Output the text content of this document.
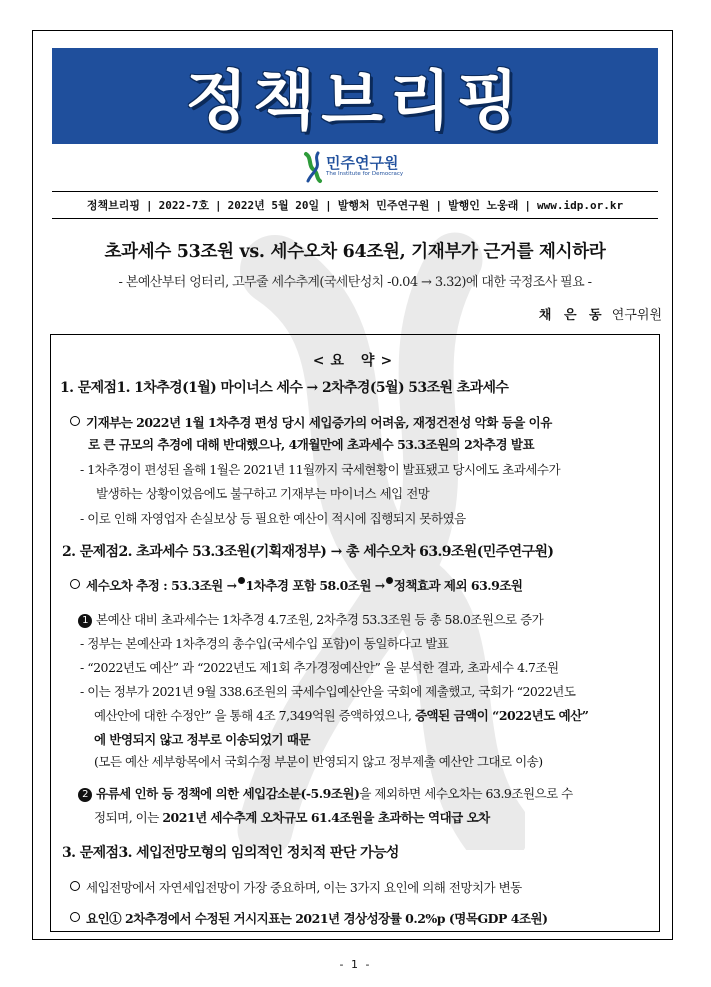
정책브리핑
민주연구원
The Institute for Democracy
정책브리핑 | 2022-7호 | 2022년 5월 20일 | 발행처 민주연구원 | 발행인 노웅래 | www.idp.or.kr
초과세수 53조원 vs. 세수오차 64조원, 기재부가 근거를 제시하라
- 본예산부터 엉터리, 고무줄 세수추계(국세탄성치 -0.04 → 3.32)에 대한 국정조사 필요 -
채 은 동 연구위원
<요 약>
1. 문제점1. 1차추경(1월) 마이너스 세수 → 2차추경(5월) 53조원 초과세수
기재부는 2022년 1월 1차추경 편성 당시 세입증가의 어려움, 재정건전성 악화 등을 이유
로 큰 규모의 추경에 대해 반대했으나, 4개월만에 초과세수 53.3조원의 2차추경 발표
- 1차추경이 편성된 올해 1월은 2021년 11월까지 국세현황이 발표됐고 당시에도 초과세수가
발생하는 상황이었음에도 불구하고 기재부는 마이너스 세입 전망
- 이로 인해 자영업자 손실보상 등 필요한 예산이 적시에 집행되지 못하였음
2. 문제점2. 초과세수 53.3조원(기획재정부) → 총 세수오차 63.9조원(민주연구원)
세수오차 추정 : 53.3조원 → 1차추경 포함 58.0조원 → 정책효과 제외 63.9조원
1 본예산 대비 초과세수는 1차추경 4.7조원, 2차추경 53.3조원 등 총 58.0조원으로 증가
- 정부는 본예산과 1차추경의 총수입(국세수입 포함)이 동일하다고 발표
- “2022년도 예산” 과 “2022년도 제1회 추가경정예산안” 을 분석한 결과, 초과세수 4.7조원
- 이는 정부가 2021년 9월 338.6조원의 국세수입예산안을 국회에 제출했고, 국회가 “2022년도
예산안에 대한 수정안” 을 통해 4조 7,349억원 증액하였으나, 증액된 금액이 “2022년도 예산”
에 반영되지 않고 정부로 이송되었기 때문
(모든 예산 세부항목에서 국회수정 부분이 반영되지 않고 정부제출 예산안 그대로 이송)
2 유류세 인하 등 정책에 의한 세입감소분(-5.9조원)을 제외하면 세수오차는 63.9조원으로 수
정되며, 이는 2021년 세수추계 오차규모 61.4조원을 초과하는 역대급 오차
3. 문제점3. 세입전망모형의 임의적인 정치적 판단 가능성
세입전망에서 자연세입전망이 가장 중요하며, 이는 3가지 요인에 의해 전망치가 변동
요인① 2차추경에서 수정된 거시지표는 2021년 경상성장률 0.2%p (명목GDP 4조원)
- 1 -
